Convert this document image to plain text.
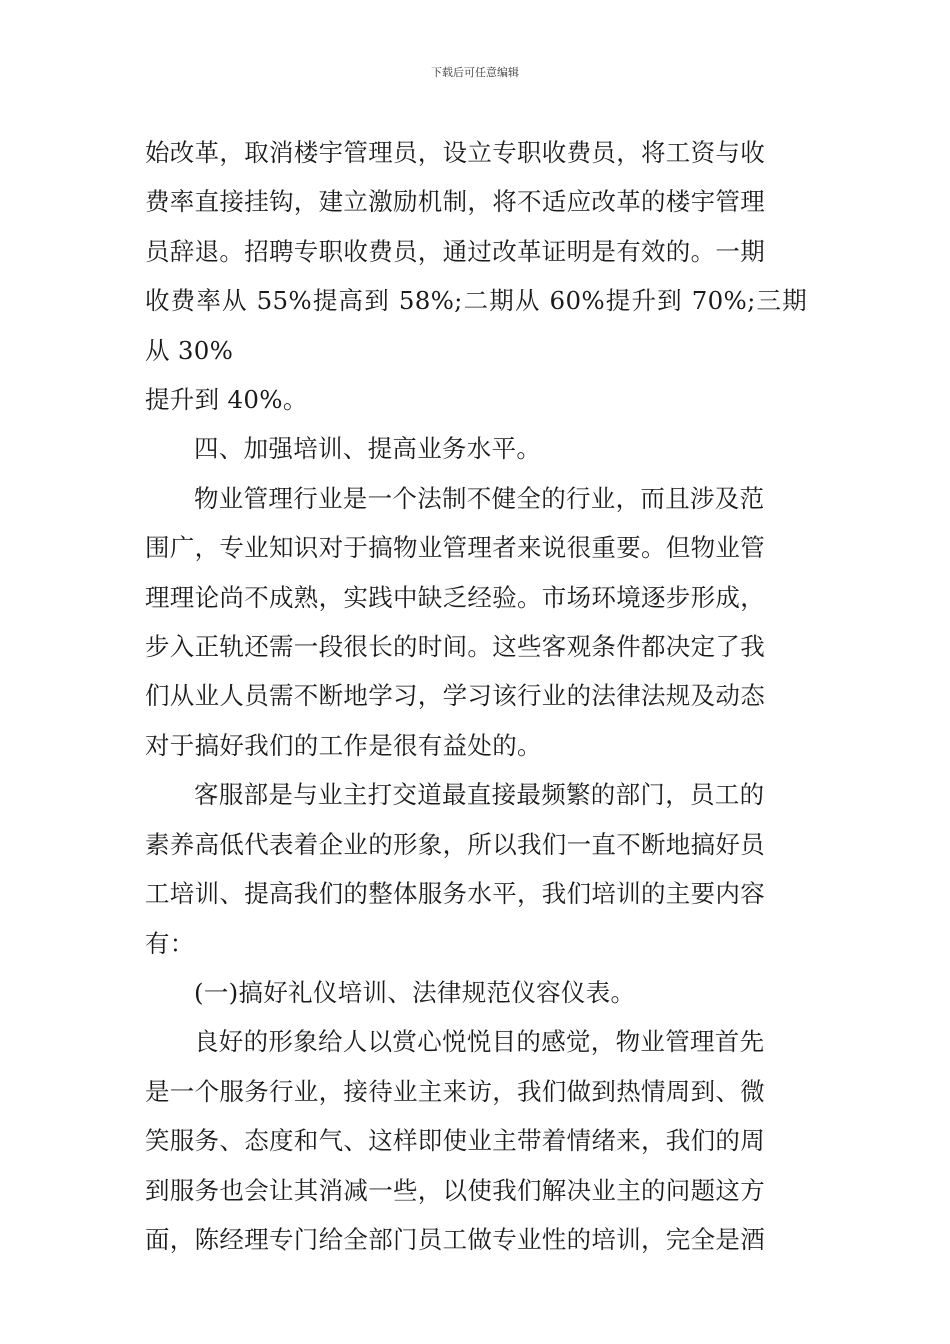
下载后可任意编辑

始改革，取消楼宇管理员，设立专职收费员，将工资与收
费率直接挂钩，建立激励机制，将不适应改革的楼宇管理
员辞退。招聘专职收费员，通过改革证明是有效的。一期
收费率从 55%提高到 58%;二期从 60%提升到 70%;三期从 30%
提升到 40%。

四、加强培训、提高业务水平。

物业管理行业是一个法制不健全的行业，而且涉及范
围广，专业知识对于搞物业管理者来说很重要。但物业管
理理论尚不成熟，实践中缺乏经验。市场环境逐步形成，
步入正轨还需一段很长的时间。这些客观条件都决定了我
们从业人员需不断地学习，学习该行业的法律法规及动态
对于搞好我们的工作是很有益处的。

客服部是与业主打交道最直接最频繁的部门，员工的
素养高低代表着企业的形象，所以我们一直不断地搞好员
工培训、提高我们的整体服务水平，我们培训的主要内容
有：

(一)搞好礼仪培训、法律规范仪容仪表。

良好的形象给人以赏心悦悦目的感觉，物业管理首先
是一个服务行业，接待业主来访，我们做到热情周到、微
笑服务、态度和气、这样即使业主带着情绪来，我们的周
到服务也会让其消减一些，以使我们解决业主的问题这方
面，陈经理专门给全部门员工做专业性的培训，完全是酒
